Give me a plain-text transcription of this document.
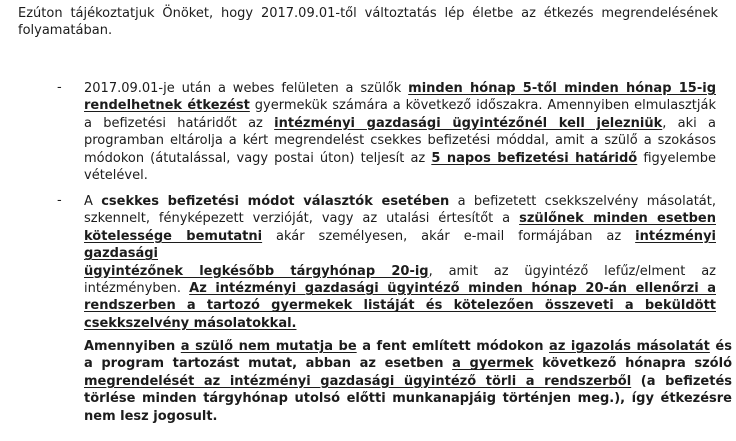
Ezúton tájékoztatjuk Önöket, hogy 2017.09.01-től változtatás lép életbe az étkezés megrendelésének
folyamatában.
- 2017.09.01-je után a webes felületen a szülők minden hónap 5-től minden hónap 15-ig
rendelhetnek étkezést gyermekük számára a következő időszakra. Amennyiben elmulasztják
a befizetési határidőt az intézményi gazdasági ügyintézőnél kell jelezniük, aki a
programban eltárolja a kért megrendelést csekkes befizetési móddal, amit a szülő a szokásos
módokon (átutalással, vagy postai úton) teljesít az 5 napos befizetési határidő figyelembe
vételével.
- A csekkes befizetési módot választók esetében a befizetett csekkszelvény másolatát,
szkennelt, fényképezett verzióját, vagy az utalási értesítőt a szülőnek minden esetben
kötelessége bemutatni akár személyesen, akár e-mail formájában az intézményi gazdasági
ügyintézőnek legkésőbb tárgyhónap 20-ig, amit az ügyintéző lefűz/elment az
intézményben. Az intézményi gazdasági ügyintéző minden hónap 20-án ellenőrzi a
rendszerben a tartozó gyermekek listáját és kötelezően összeveti a beküldött
csekkszelvény másolatokkal.
Amennyiben a szülő nem mutatja be a fent említett módokon az igazolás másolatát és
a program tartozást mutat, abban az esetben a gyermek következő hónapra szóló
megrendelését az intézményi gazdasági ügyintéző törli a rendszerből (a befizetés
törlése minden tárgyhónap utolsó előtti munkanapjáig történjen meg.), így étkezésre
nem lesz jogosult.
